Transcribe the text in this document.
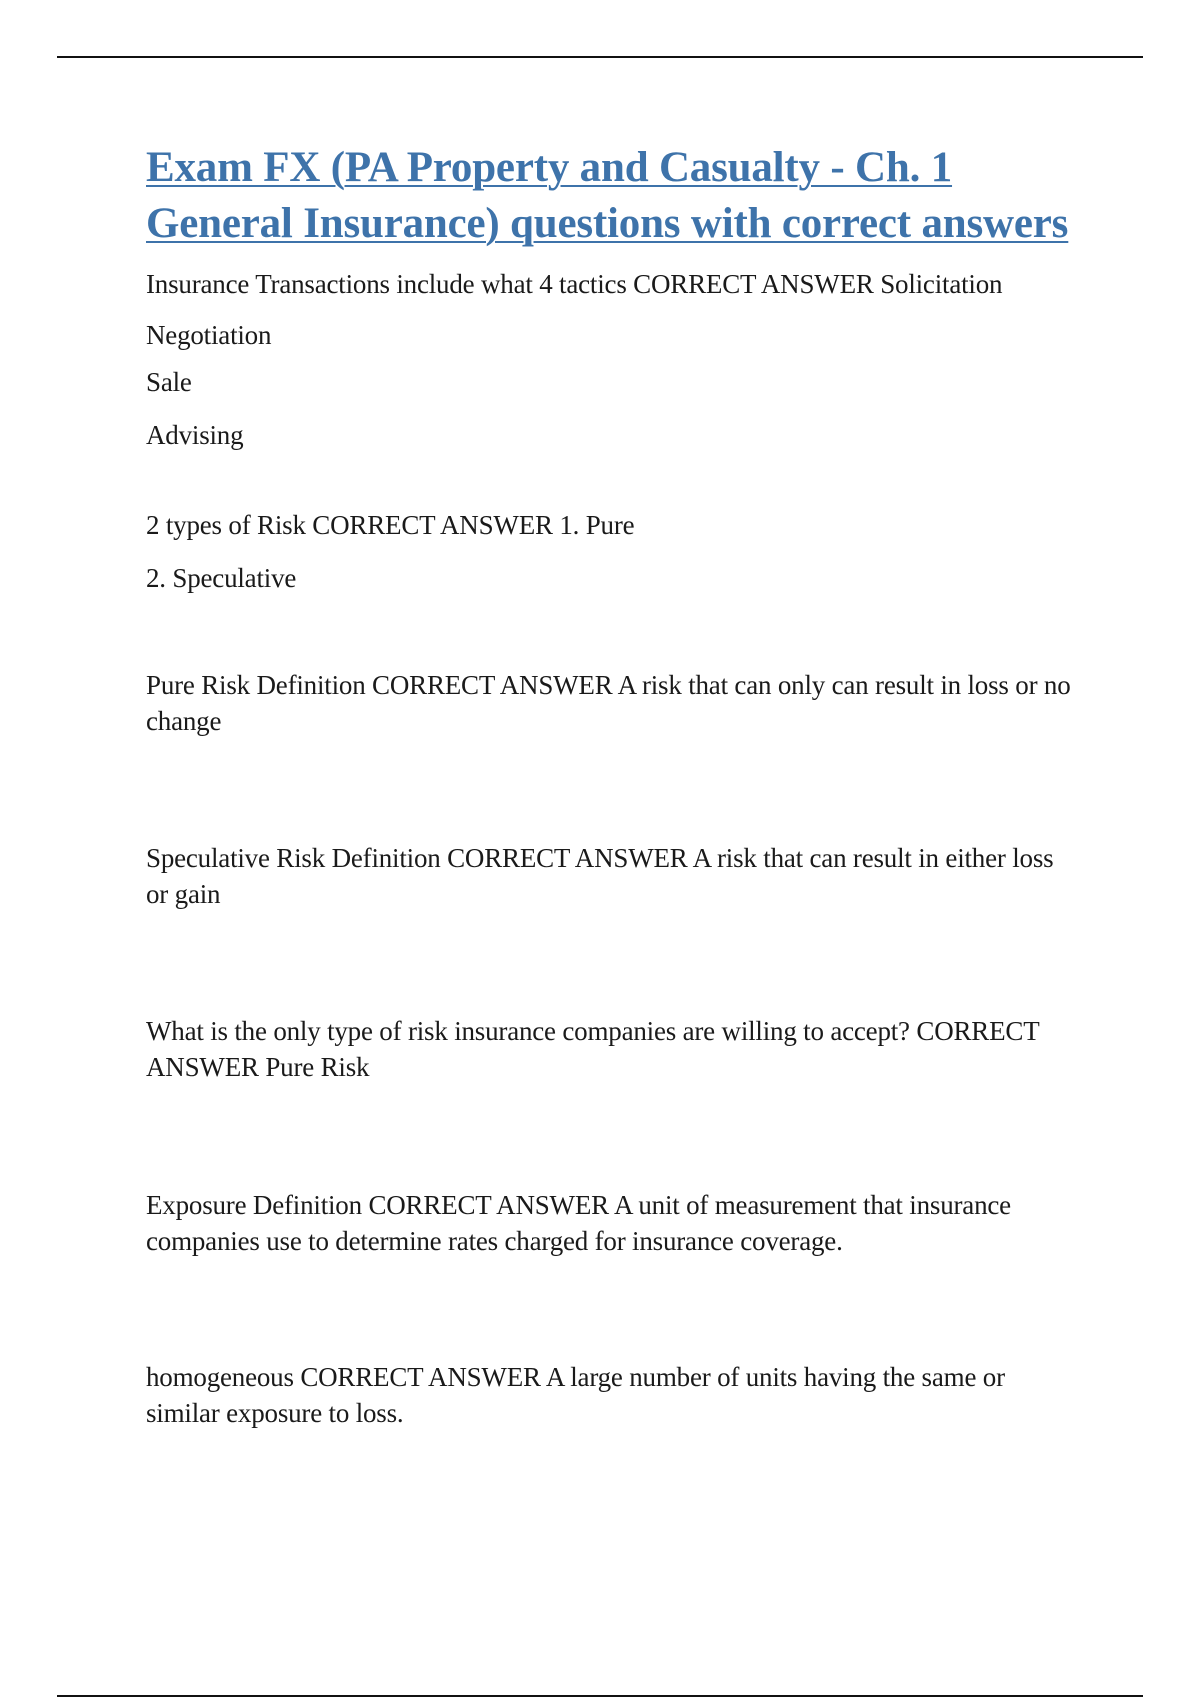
Exam FX (PA Property and Casualty - Ch. 1 General Insurance) questions with correct answers

Insurance Transactions include what 4 tactics CORRECT ANSWER Solicitation

Negotiation

Sale

Advising

2 types of Risk CORRECT ANSWER 1. Pure

2. Speculative

Pure Risk Definition CORRECT ANSWER A risk that can only can result in loss or no change

Speculative Risk Definition CORRECT ANSWER A risk that can result in either loss or gain

What is the only type of risk insurance companies are willing to accept? CORRECT ANSWER Pure Risk

Exposure Definition CORRECT ANSWER A unit of measurement that insurance companies use to determine rates charged for insurance coverage.

homogeneous CORRECT ANSWER A large number of units having the same or similar exposure to loss.
